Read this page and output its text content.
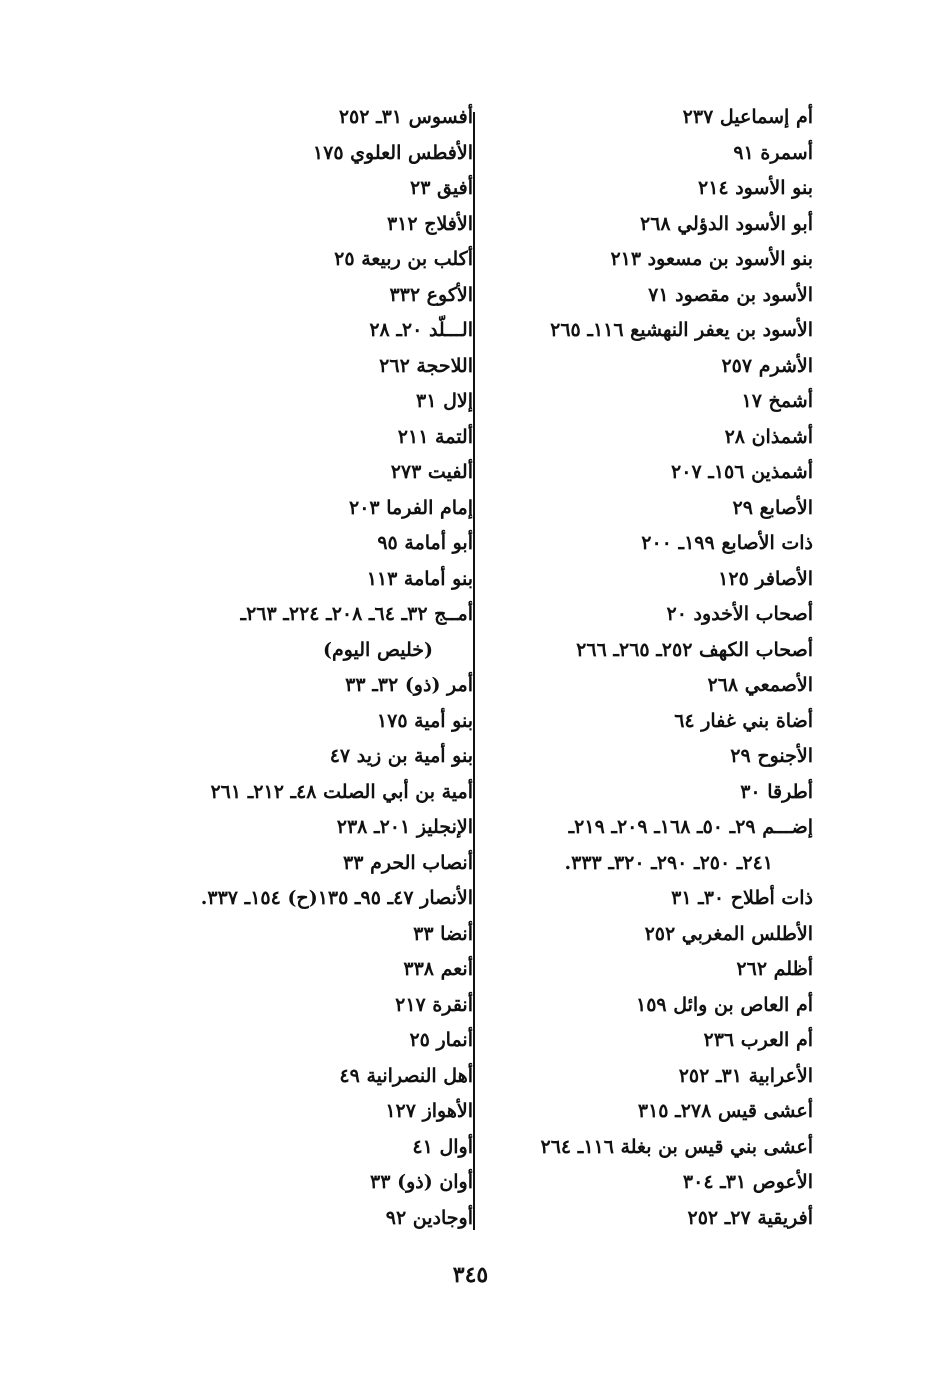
أم إسماعيل ٢٣٧
أسمرة ٩١
بنو الأسود ٢١٤
أبو الأسود الدؤلي ٢٦٨
بنو الأسود بن مسعود ٢١٣
الأسود بن مقصود ٧١
الأسود بن يعفر النهشيع ١١٦ـ ٢٦٥
الأشرم ٢٥٧
أشمخ ١٧
أشمذان ٢٨
أشمذين ١٥٦ـ ٢٠٧
الأصابع ٢٩
ذات الأصابع ١٩٩ـ ٢٠٠
الأصافر ١٢٥
أصحاب الأخدود ٢٠
أصحاب الكهف ٢٥٢ـ ٢٦٥ـ ٢٦٦
الأصمعي ٢٦٨
أضاة بني غفار ٦٤
الأجنوح ٢٩
أطرقا ٣٠
إضـــم ٢٩ـ ٥٠ـ ١٦٨ـ ٢٠٩ـ ٢١٩ـ
٢٤١ـ ٢٥٠ـ ٢٩٠ـ ٣٢٠ـ ٣٣٣.
ذات أطلاح ٣٠ـ ٣١
الأطلس المغربي ٢٥٢
أظلم ٢٦٢
أم العاص بن وائل ١٥٩
أم العرب ٢٣٦
الأعرابية ٣١ـ ٢٥٢
أعشى قيس ٢٧٨ـ ٣١٥
أعشى بني قيس بن بغلة ١١٦ـ ٢٦٤
الأعوص ٣١ـ ٣٠٤
أفريقية ٢٧ـ ٢٥٢
أفسوس ٣١ـ ٢٥٢
الأفطس العلوي ١٧٥
أفيق ٢٣
الأفلاج ٣١٢
أكلب بن ربيعة ٢٥
الأكوع ٣٣٢
الـــلّد ٢٠ـ ٢٨
اللاحجة ٢٦٢
إلال ٣١
ألتمة ٢١١
ألفيت ٢٧٣
إمام الفرما ٢٠٣
أبو أمامة ٩٥
بنو أمامة ١١٣
أمــج ٣٢ـ ٦٤ـ ٢٠٨ـ ٢٢٤ـ ٢٦٣ـ
(خليص اليوم)
أمر (ذو) ٣٢ـ ٣٣
بنو أمية ١٧٥
بنو أمية بن زيد ٤٧
أمية بن أبي الصلت ٤٨ـ ٢١٢ـ ٢٦١
الإنجليز ٢٠١ـ ٢٣٨
أنصاب الحرم ٣٣
الأنصار ٤٧ـ ٩٥ـ ١٣٥(ح) ١٥٤ـ ٣٣٧.
أنضا ٣٣
أنعم ٣٣٨
أنقرة ٢١٧
أنمار ٢٥
أهل النصرانية ٤٩
الأهواز ١٢٧
أوال ٤١
أوان (ذو) ٣٣
أوجادين ٩٢
٣٤٥
